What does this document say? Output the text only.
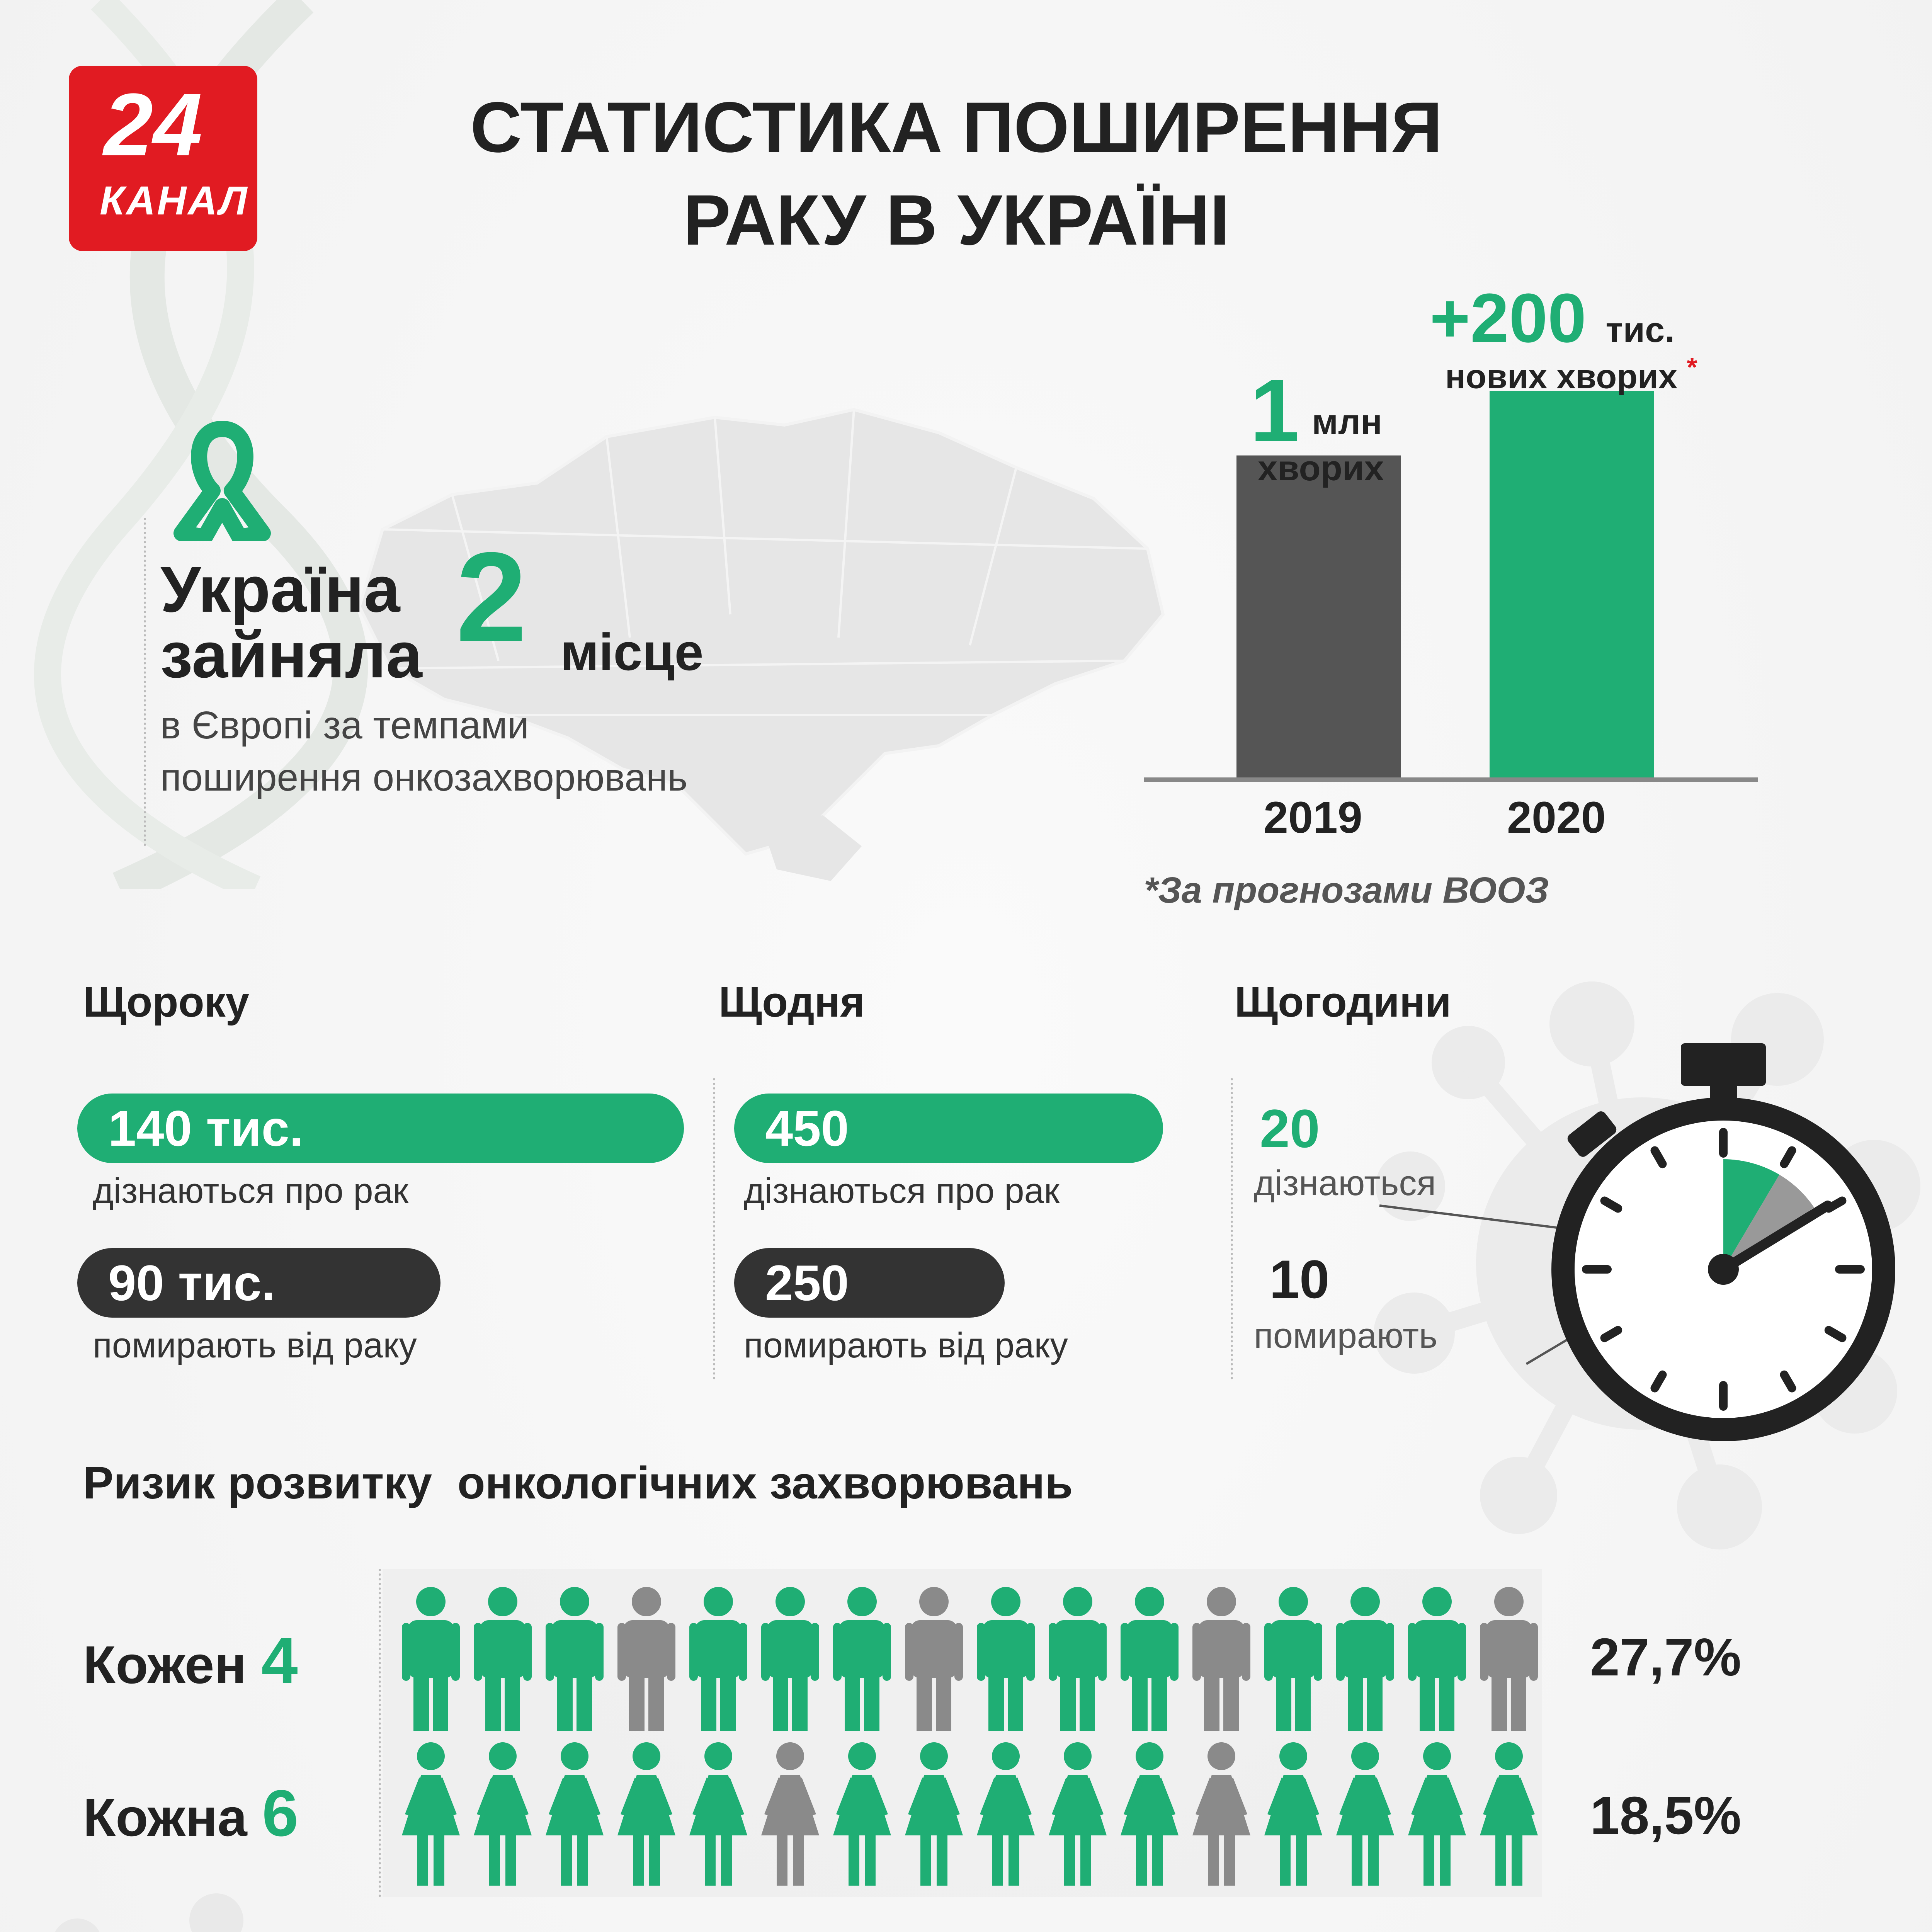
24
КАНАЛ
СТАТИСТИКА ПОШИРЕННЯ
РАКУ В УКРАЇНІ
Україна
зайняла 2 місце
в Європі за темпами
поширення онкозахворювань
1 млн
хворих
+200 тис.
нових хворих *
2019	2020
*За прогнозами ВООЗ
Щороку	Щодня	Щогодини
140 тис.
дізнаються про рак
90 тис.
помирають від раку
450
дізнаються про рак
250
помирають від раку
20
дізнаються
10
помирають
Ризик розвитку  онкологічних захворювань
Кожен 4
Кожна 6
27,7%
18,5%
